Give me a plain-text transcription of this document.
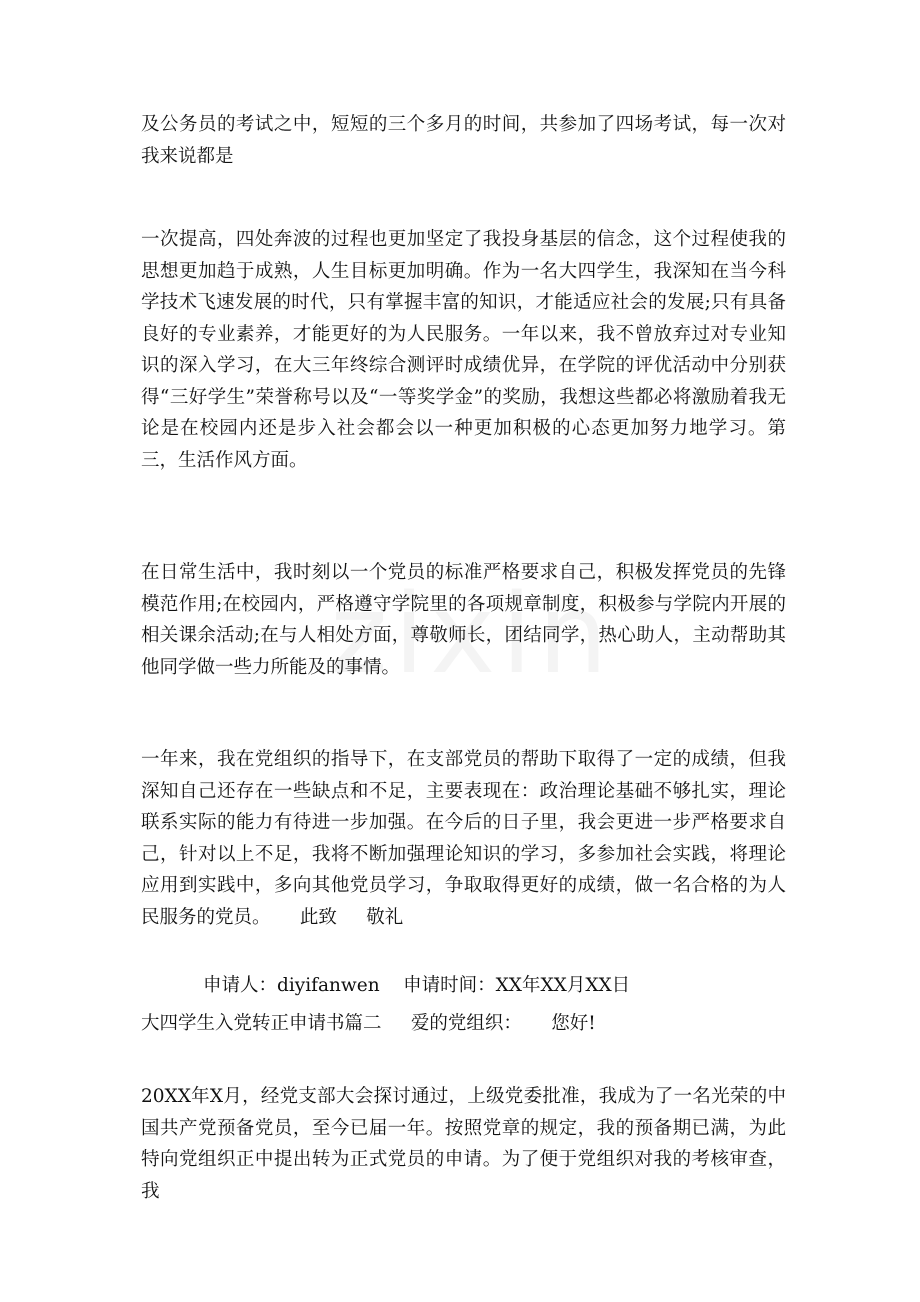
及公务员的考试之中，短短的三个多月的时间，共参加了四场考试，每一次对我来说都是

一次提高，四处奔波的过程也更加坚定了我投身基层的信念，这个过程使我的思想更加趋于成熟，人生目标更加明确。作为一名大四学生，我深知在当今科学技术飞速发展的时代，只有掌握丰富的知识，才能适应社会的发展;只有具备良好的专业素养，才能更好的为人民服务。一年以来，我不曾放弃过对专业知识的深入学习，在大三年终综合测评时成绩优异，在学院的评优活动中分别获得“三好学生”荣誉称号以及“一等奖学金”的奖励，我想这些都必将激励着我无论是在校园内还是步入社会都会以一种更加积极的心态更加努力地学习。第三，生活作风方面。

在日常生活中，我时刻以一个党员的标准严格要求自己，积极发挥党员的先锋模范作用;在校园内，严格遵守学院里的各项规章制度，积极参与学院内开展的相关课余活动;在与人相处方面，尊敬师长，团结同学，热心助人，主动帮助其他同学做一些力所能及的事情。

一年来，我在党组织的指导下，在支部党员的帮助下取得了一定的成绩，但我深知自己还存在一些缺点和不足，主要表现在：政治理论基础不够扎实，理论联系实际的能力有待进一步加强。在今后的日子里，我会更进一步严格要求自己，针对以上不足，我将不断加强理论知识的学习，多参加社会实践，将理论应用到实践中，多向其他党员学习，争取取得更好的成绩，做一名合格的为人民服务的党员。     此致     敬礼

申请人：diyifanwen    申请时间：XX年XX月XX日

大四学生入党转正申请书篇二     爱的党组织：     您好!

20XX年X月，经党支部大会探讨通过，上级党委批准，我成为了一名光荣的中国共产党预备党员，至今已届一年。按照党章的规定，我的预备期已满，为此特向党组织正中提出转为正式党员的申请。为了便于党组织对我的考核审查，我
